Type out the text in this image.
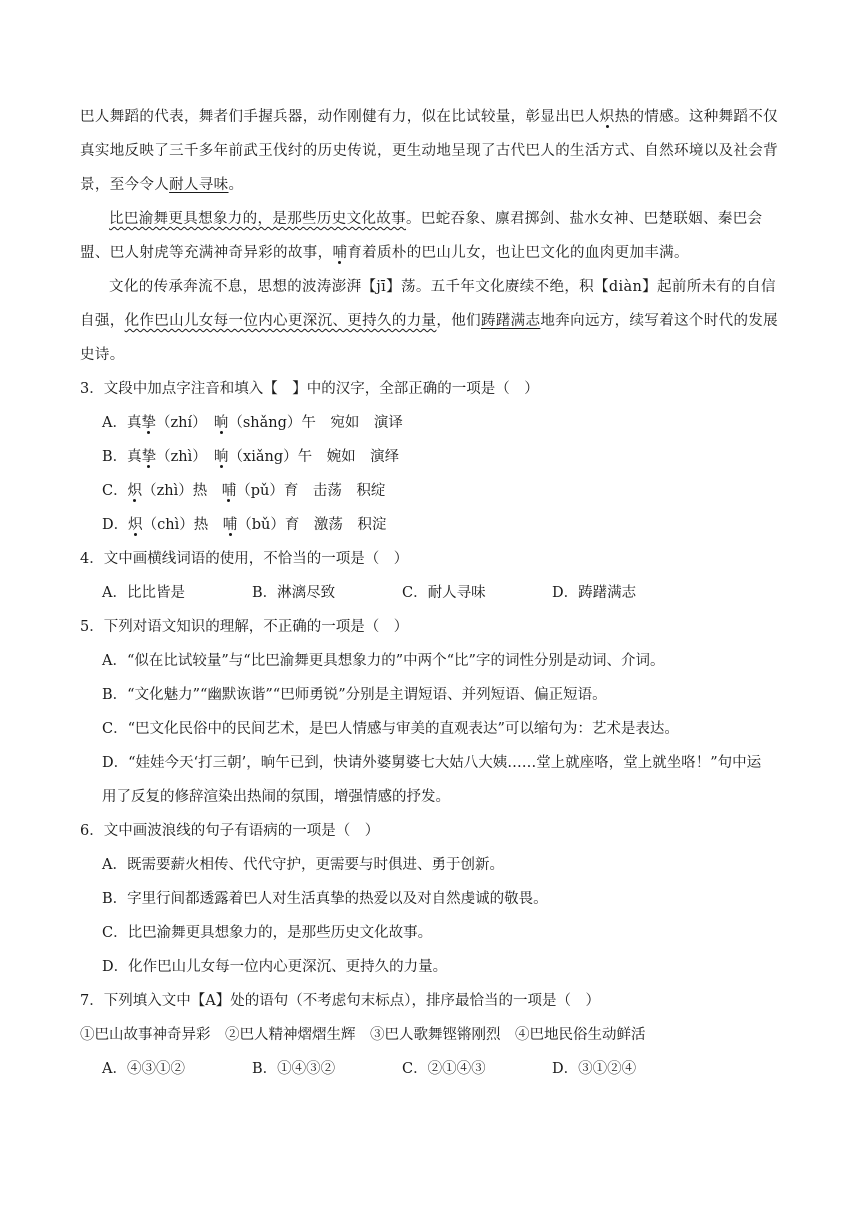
巴人舞蹈的代表，舞者们手握兵器，动作刚健有力，似在比试较量，彰显出巴人炽热的情感。这种舞蹈不仅真实地反映了三千多年前武王伐纣的历史传说，更生动地呈现了古代巴人的生活方式、自然环境以及社会背景，至今令人耐人寻味。

比巴渝舞更具想象力的，是那些历史文化故事。巴蛇吞象、廪君掷剑、盐水女神、巴楚联姻、秦巴会盟、巴人射虎等充满神奇异彩的故事，哺育着质朴的巴山儿女，也让巴文化的血肉更加丰满。

文化的传承奔流不息，思想的波涛澎湃【jī】荡。五千年文化赓续不绝，积【diàn】起前所未有的自信自强，化作巴山儿女每一位内心更深沉、更持久的力量，他们踌躇满志地奔向远方，续写着这个时代的发展史诗。

3．文段中加点字注音和填入【　】中的汉字，全部正确的一项是（　）

A．真挚（zhí）　晌（shǎng）午　宛如　演译

B．真挚（zhì）　晌（xiǎng）午　婉如　演绎

C．炽（zhì）热　哺（pǔ）育　击荡　积绽

D．炽（chì）热　哺（bǔ）育　激荡　积淀

4．文中画横线词语的使用，不恰当的一项是（　）

A．比比皆是	B．淋漓尽致	C．耐人寻味	D．踌躇满志

5．下列对语文知识的理解，不正确的一项是（　）

A．“似在比试较量”与“比巴渝舞更具想象力的”中两个“比”字的词性分别是动词、介词。

B．“文化魅力”“幽默诙谐”“巴师勇锐”分别是主谓短语、并列短语、偏正短语。

C．“巴文化民俗中的民间艺术，是巴人情感与审美的直观表达”可以缩句为：艺术是表达。

D．“娃娃今天‘打三朝’，晌午已到，快请外婆舅婆七大姑八大姨……堂上就座咯，堂上就坐咯！”句中运

用了反复的修辞渲染出热闹的氛围，增强情感的抒发。

6．文中画波浪线的句子有语病的一项是（　）

A．既需要薪火相传、代代守护，更需要与时俱进、勇于创新。

B．字里行间都透露着巴人对生活真挚的热爱以及对自然虔诚的敬畏。

C．比巴渝舞更具想象力的，是那些历史文化故事。

D．化作巴山儿女每一位内心更深沉、更持久的力量。

7．下列填入文中【A】处的语句（不考虑句末标点），排序最恰当的一项是（　）

①巴山故事神奇异彩　②巴人精神熠熠生辉　③巴人歌舞铿锵刚烈　④巴地民俗生动鲜活

A．④③①②	B．①④③②	C．②①④③	D．③①②④
